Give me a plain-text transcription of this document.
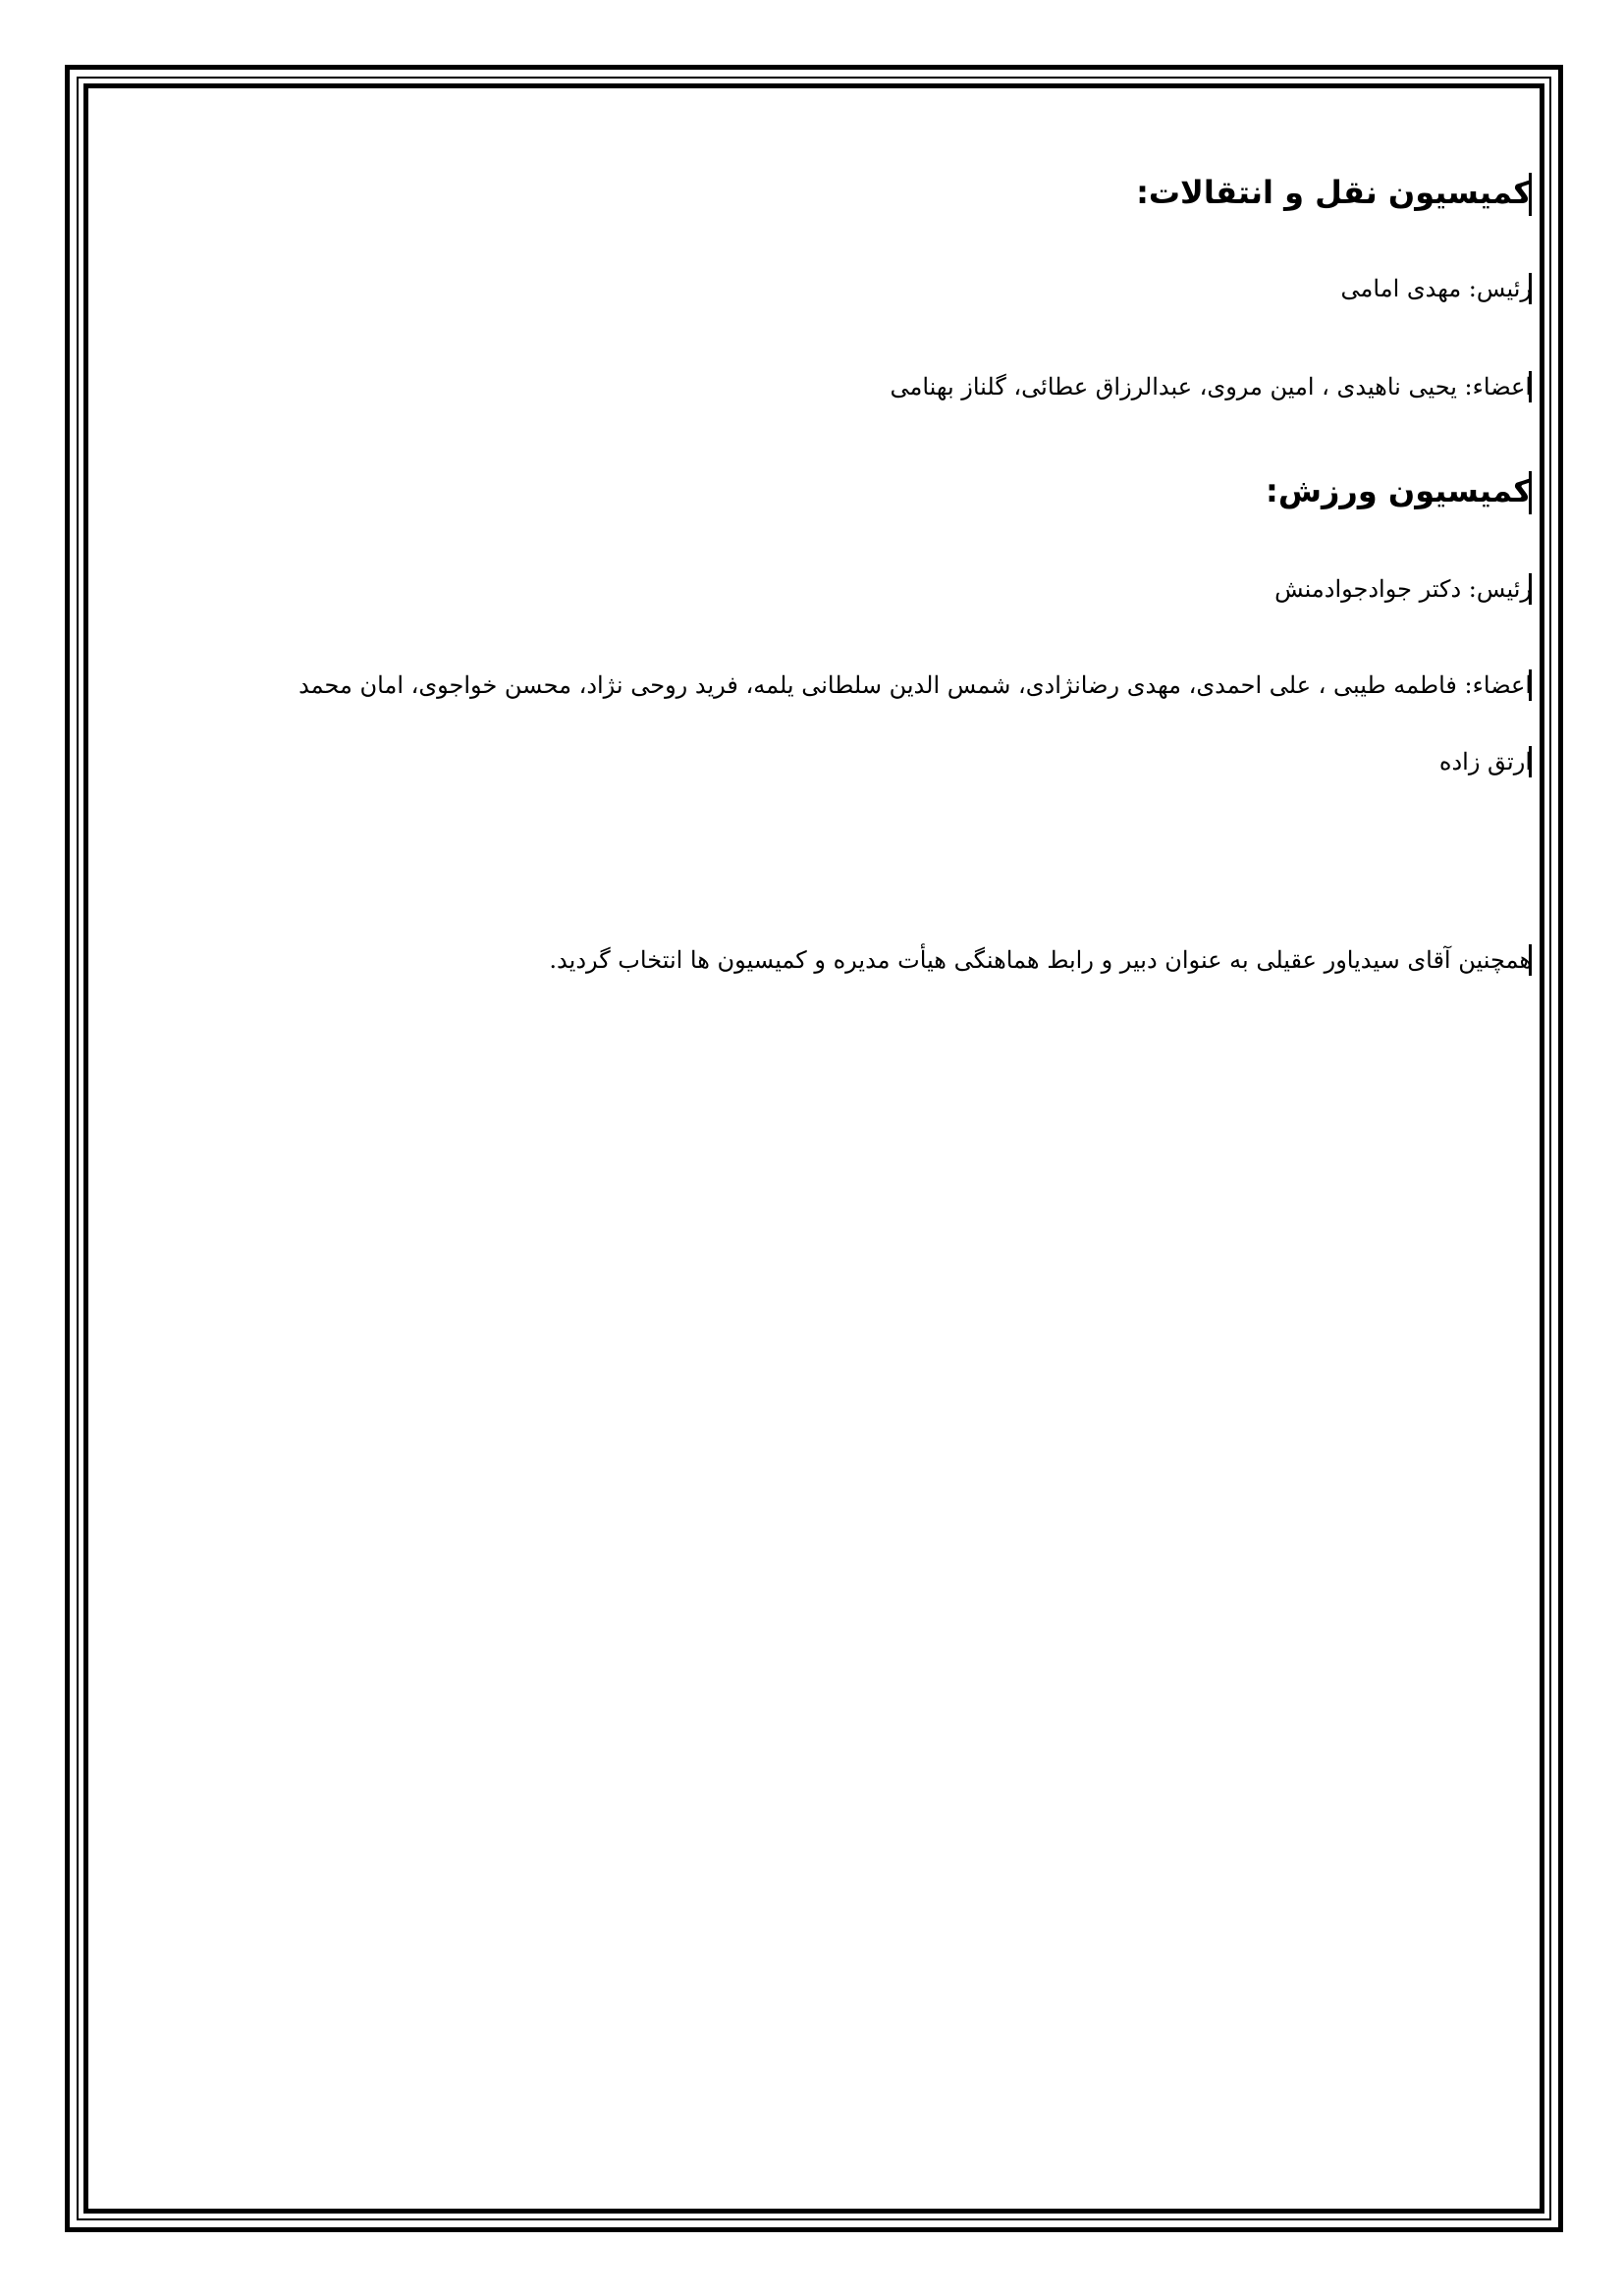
کمیسیون نقل و انتقالات:
رئیس: مهدی امامی
اعضاء: یحیی ناهیدی ، امین مروی، عبدالرزاق عطائی، گلناز بهنامی
کمیسیون ورزش:
رئیس: دکتر جوادجوادمنش
اعضاء: فاطمه طیبی ، علی احمدی، مهدی رضانژادی، شمس الدین سلطانی یلمه، فرید روحی نژاد، محسن خواجوی، امان محمد
ارتق زاده
همچنین آقای سیدیاور عقیلی به عنوان دبیر و رابط هماهنگی هیأت مدیره و کمیسیون ها انتخاب گردید.
